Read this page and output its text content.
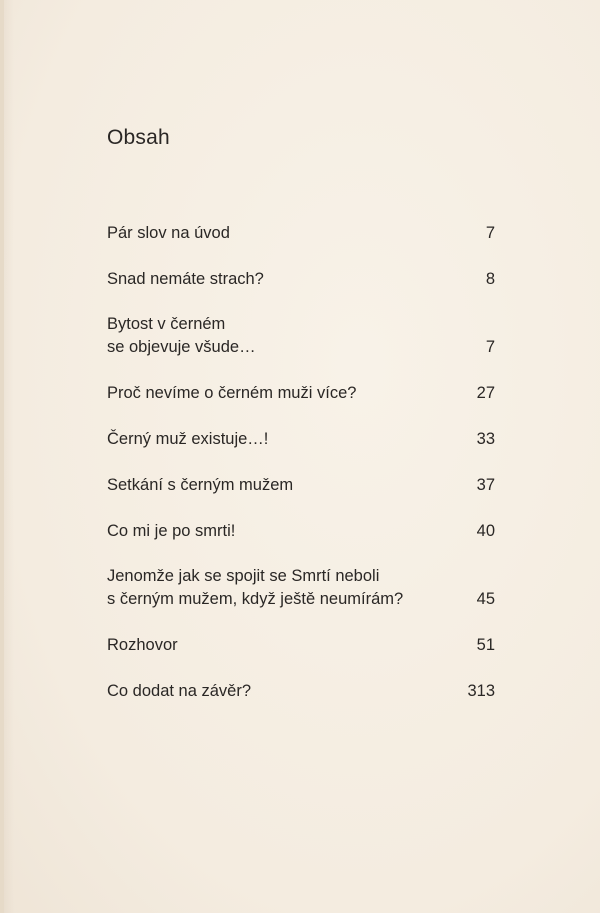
Obsah
Pár slov na úvod	7
Snad nemáte strach?	8
Bytost v černém
se objevuje všude…	7
Proč nevíme o černém muži více?	27
Černý muž existuje…!	33
Setkání s černým mužem	37
Co mi je po smrti!	40
Jenomže jak se spojit se Smrtí neboli
s černým mužem, když ještě neumírám?	45
Rozhovor	51
Co dodat na závěr?	313
